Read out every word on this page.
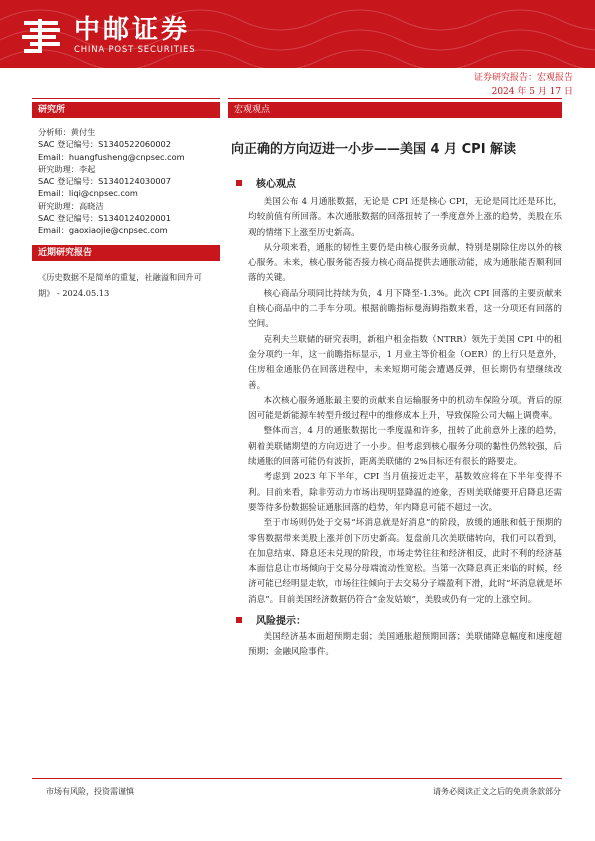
中邮证券
CHINA POST SECURITIES
证券研究报告：宏观报告
2024 年 5 月 17 日
研究所
分析师：黄付生
SAC 登记编号：S1340522060002
Email：huangfusheng@cnpsec.com
研究助理：李起
SAC 登记编号：S1340124030007
Email：liqi@cnpsec.com
研究助理：高晓洁
SAC 登记编号：S1340124020001
Email：gaoxiaojie@cnpsec.com
近期研究报告
《历史数据不是简单的重复，社融溢和回升可期》 - 2024.05.13
宏观观点
向正确的方向迈进一小步——美国 4 月 CPI 解读
核心观点

美国公布 4 月通胀数据，无论是 CPI 还是核心 CPI，无论是同比还是环比，均较前值有所回落。本次通胀数据的回落扭转了一季度意外上涨的趋势，美股在乐观的情绪下上涨至历史新高。

从分项来看，通胀的韧性主要仍是由核心服务贡献，特别是剔除住房以外的核心服务。未来，核心服务能否接力核心商品提供去通胀动能，成为通胀能否顺利回落的关键。

核心商品分项同比持续为负，4 月下降至-1.3%。此次 CPI 回落的主要贡献来自核心商品中的二手车分项。根据前瞻指标曼海姆指数来看，这一分项还有回落的空间。

克利夫兰联储的研究表明，新租户租金指数（NTRR）领先于美国 CPI 中的租金分项约一年，这一前瞻指标显示，1 月业主等价租金（OER）的上行只是意外，住房租金通胀仍在回落进程中，未来短期可能会遭遇反弹，但长期仍有望继续改善。

本次核心服务通胀最主要的贡献来自运输服务中的机动车保险分项。背后的原因可能是新能源车转型升级过程中的维修成本上升，导致保险公司大幅上调费率。

整体而言，4 月的通胀数据比一季度温和许多，扭转了此前意外上涨的趋势，朝着美联储期望的方向迈进了一小步。但考虑到核心服务分项的黏性仍然较强，后续通胀的回落可能仍有波折，距离美联储的 2%目标还有很长的路要走。

考虑到 2023 年下半年，CPI 当月值接近走平，基数效应将在下半年变得不利。目前来看，除非劳动力市场出现明显降温的迹象，否则美联储要开启降息还需要等待多份数据验证通胀回落的趋势，年内降息可能不超过一次。

至于市场则仍处于交易“坏消息就是好消息”的阶段，放缓的通胀和低于预期的零售数据带来美股上涨并创下历史新高。复盘前几次美联储转向，我们可以看到，在加息结束、降息还未兑现的阶段，市场走势往往和经济相反，此时不利的经济基本面信息让市场倾向于交易分母端流动性宽松。当第一次降息真正来临的时候，经济可能已经明显走软，市场往往倾向于去交易分子端盈利下滑，此时“坏消息就是坏消息”。目前美国经济数据仍符合“金发姑娘”，美股或仍有一定的上涨空间。

风险提示：

美国经济基本面超预期走弱；美国通胀超预期回落；美联储降息幅度和速度超预期；金融风险事件。

市场有风险，投资需谨慎	请务必阅读正文之后的免责条款部分
